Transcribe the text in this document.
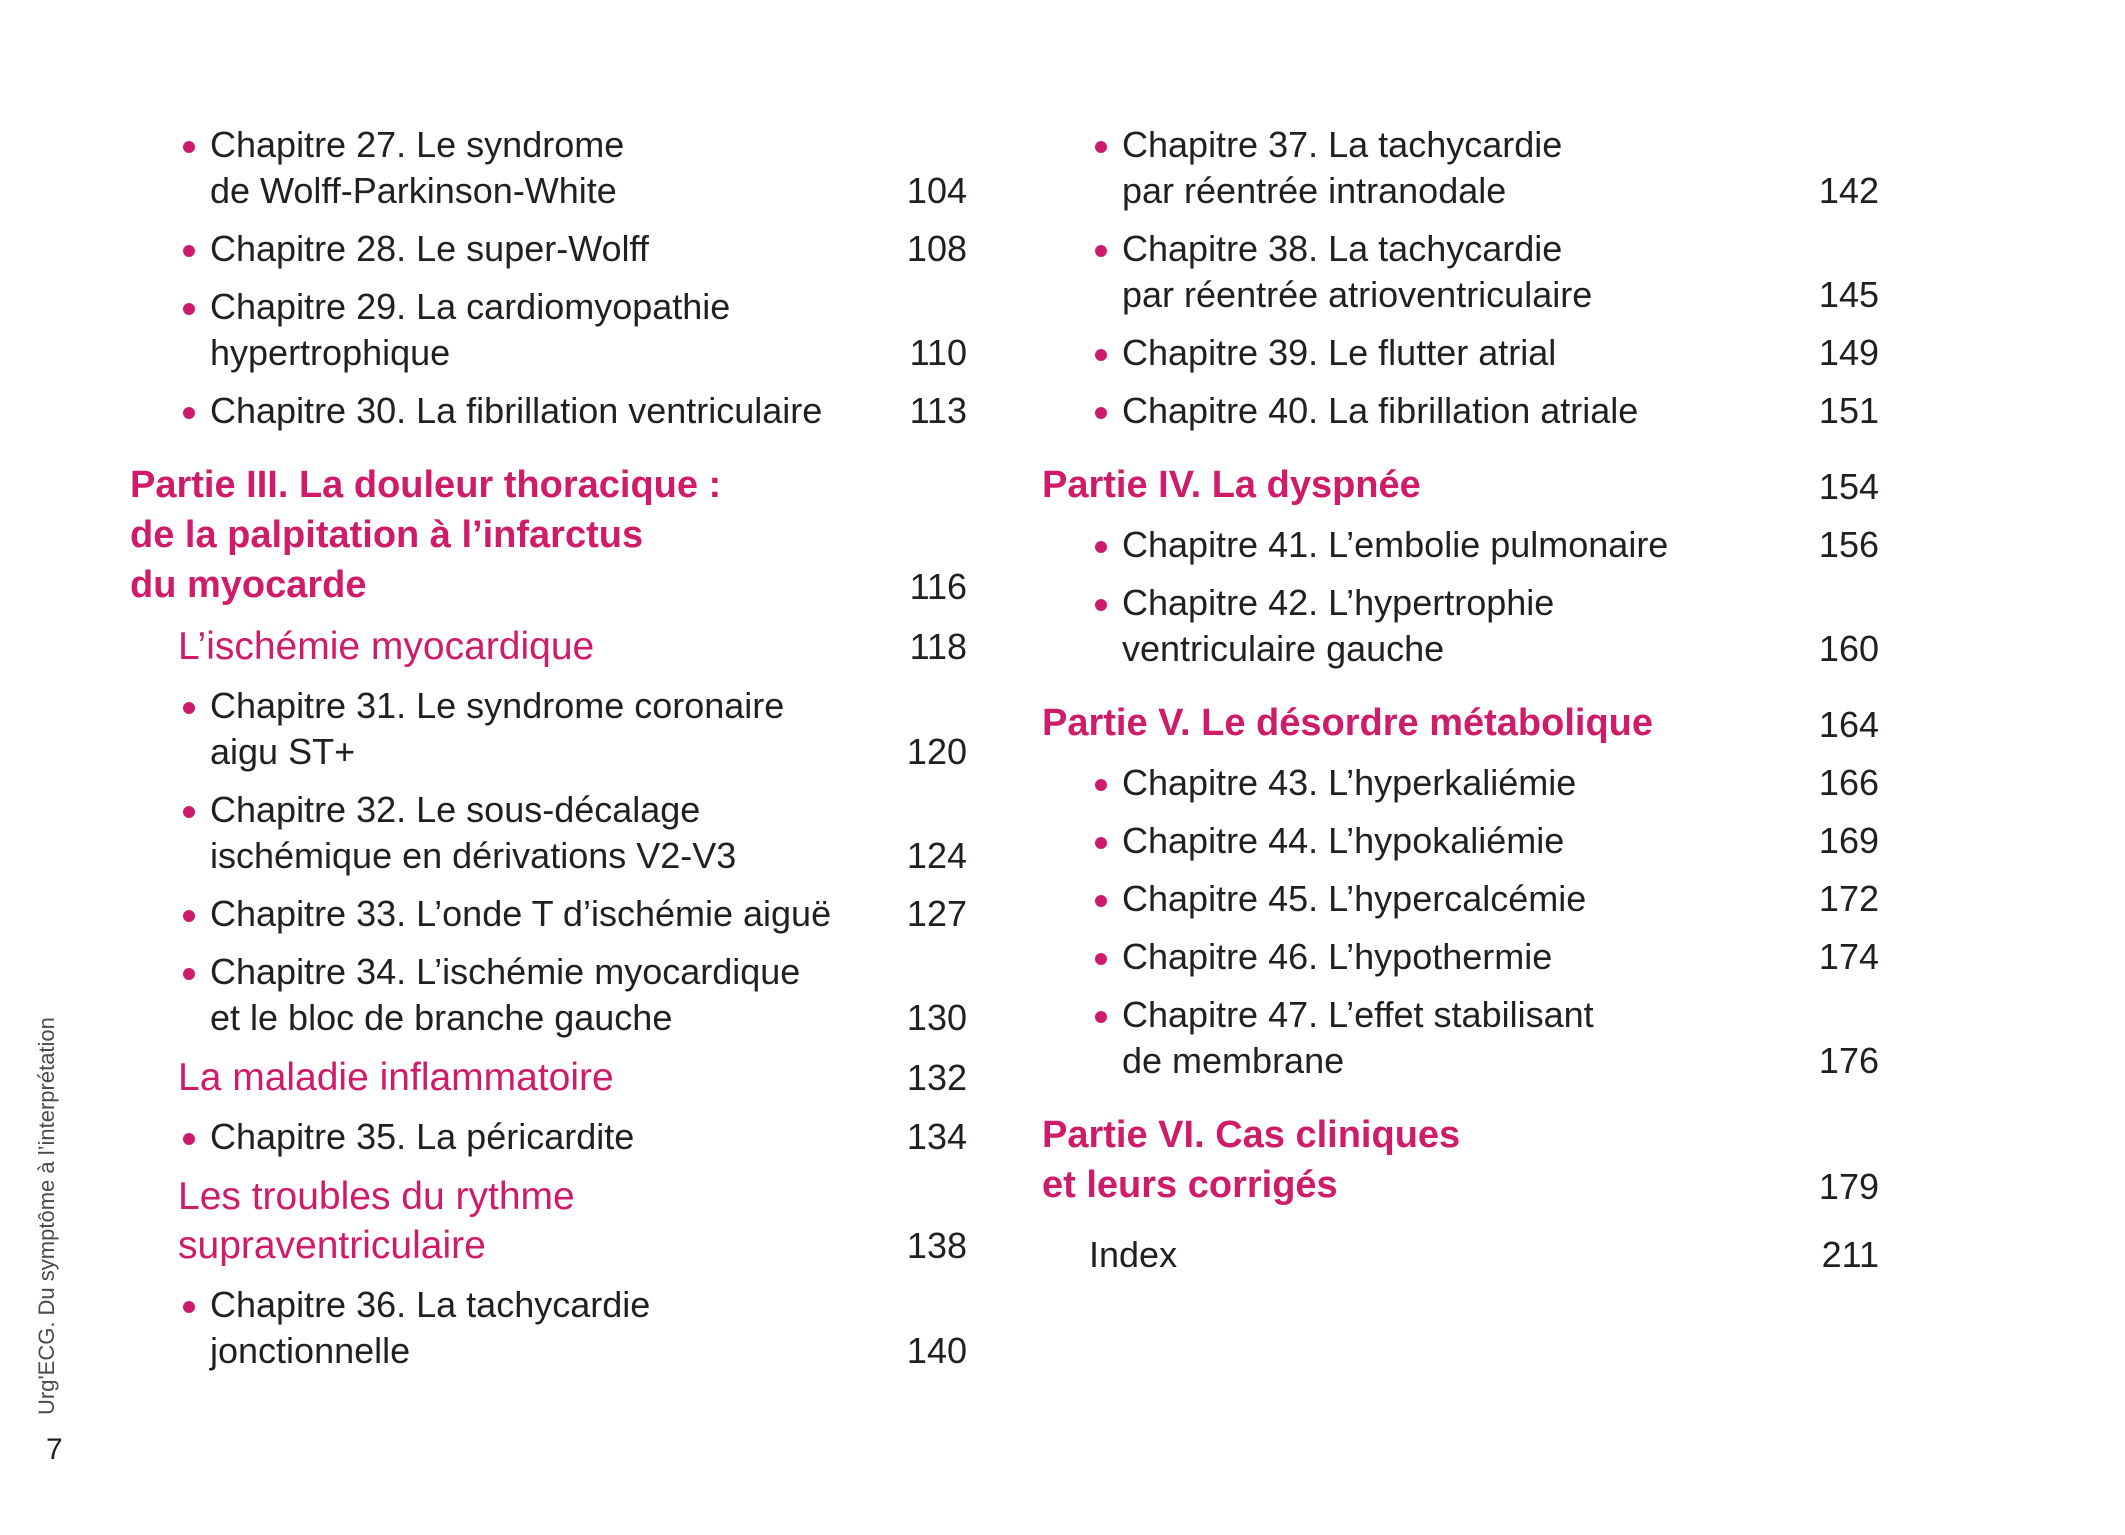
Chapitre 27. Le syndrome
de Wolff-Parkinson-White	104
Chapitre 28. Le super-Wolff	108
Chapitre 29. La cardiomyopathie
hypertrophique	110
Chapitre 30. La fibrillation ventriculaire	113
Partie III. La douleur thoracique :
de la palpitation à l’infarctus
du myocarde	116
L’ischémie myocardique	118
Chapitre 31. Le syndrome coronaire
aigu ST+	120
Chapitre 32. Le sous-décalage
ischémique en dérivations V2-V3	124
Chapitre 33. L’onde T d’ischémie aiguë	127
Chapitre 34. L’ischémie myocardique
et le bloc de branche gauche	130
La maladie inflammatoire	132
Chapitre 35. La péricardite	134
Les troubles du rythme
supraventriculaire	138
Chapitre 36. La tachycardie
jonctionnelle	140
Chapitre 37. La tachycardie
par réentrée intranodale	142
Chapitre 38. La tachycardie
par réentrée atrioventriculaire	145
Chapitre 39. Le flutter atrial	149
Chapitre 40. La fibrillation atriale	151
Partie IV. La dyspnée	154
Chapitre 41. L’embolie pulmonaire	156
Chapitre 42. L’hypertrophie
ventriculaire gauche	160
Partie V. Le désordre métabolique	164
Chapitre 43. L’hyperkaliémie	166
Chapitre 44. L’hypokaliémie	169
Chapitre 45. L’hypercalcémie	172
Chapitre 46. L’hypothermie	174
Chapitre 47. L’effet stabilisant
de membrane	176
Partie VI. Cas cliniques
et leurs corrigés	179
Index	211
Urg'ECG. Du symptôme à l’interprétation
7
